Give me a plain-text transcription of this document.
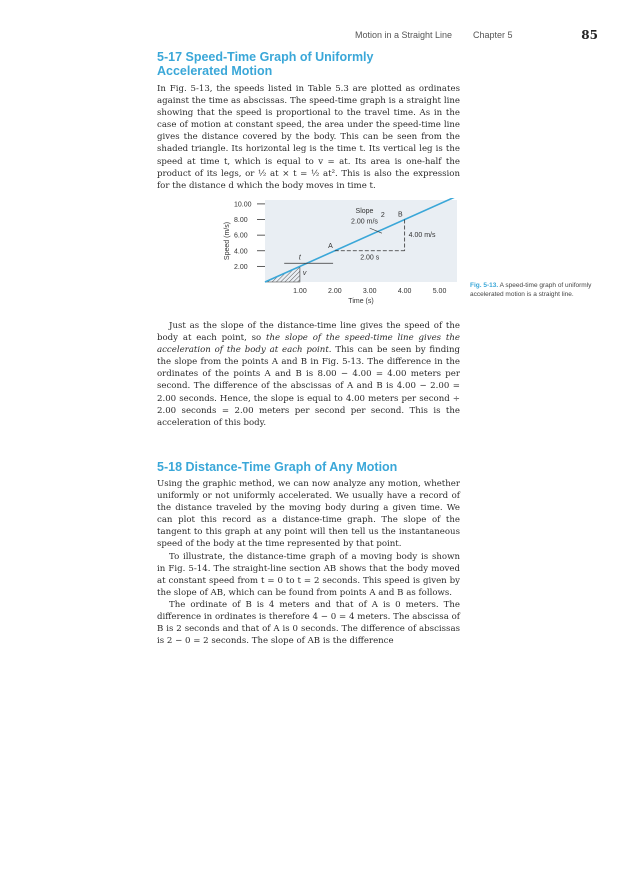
Motion in a Straight Line Chapter 5	85
5-17 Speed-Time Graph of Uniformly
Accelerated Motion

In Fig. 5-13, the speeds listed in Table 5.3 are plotted as ordinates against the time as abscissas. The speed-time graph is a straight line showing that the speed is proportional to the travel time. As in the case of motion at constant speed, the area under the speed-time line gives the distance covered by the body. This can be seen from the shaded triangle. Its horizontal leg is the time t. Its vertical leg is the speed at time t, which is equal to v = at. Its area is one-half the product of its legs, or ½ at × t = ½ at². This is also the expression for the distance d which the body moves in time t.

2.00
4.00
6.00
8.00
10.00
1.00	2.00	3.00	4.00	5.00
Time (s)
Speed (m/s)	A
B
Slope
2.00 m/s
2
4.00 m/s
2.00 s
t
v
Fig. 5-13. A speed-time graph of uniformly accelerated motion is a straight line.

Just as the slope of the distance-time line gives the speed of the body at each point, so the slope of the speed-time line gives the acceleration of the body at each point. This can be seen by finding the slope from the points A and B in Fig. 5-13. The difference in the ordinates of the points A and B is 8.00 − 4.00 = 4.00 meters per second. The difference of the abscissas of A and B is 4.00 − 2.00 = 2.00 seconds. Hence, the slope is equal to 4.00 meters per second ÷ 2.00 seconds = 2.00 meters per second per second. This is the acceleration of this body.

5-18 Distance-Time Graph of Any Motion

Using the graphic method, we can now analyze any motion, whether uniformly or not uniformly accelerated. We usually have a record of the distance traveled by the moving body during a given time. We can plot this record as a distance-time graph. The slope of the tangent to this graph at any point will then tell us the instantaneous speed of the body at the time represented by that point.

To illustrate, the distance-time graph of a moving body is shown in Fig. 5-14. The straight-line section AB shows that the body moved at constant speed from t = 0 to t = 2 seconds. This speed is given by the slope of AB, which can be found from points A and B as follows.

The ordinate of B is 4 meters and that of A is 0 meters. The difference in ordinates is therefore 4 − 0 = 4 meters. The abscissa of B is 2 seconds and that of A is 0 seconds. The difference of abscissas is 2 − 0 = 2 seconds. The slope of AB is the difference
